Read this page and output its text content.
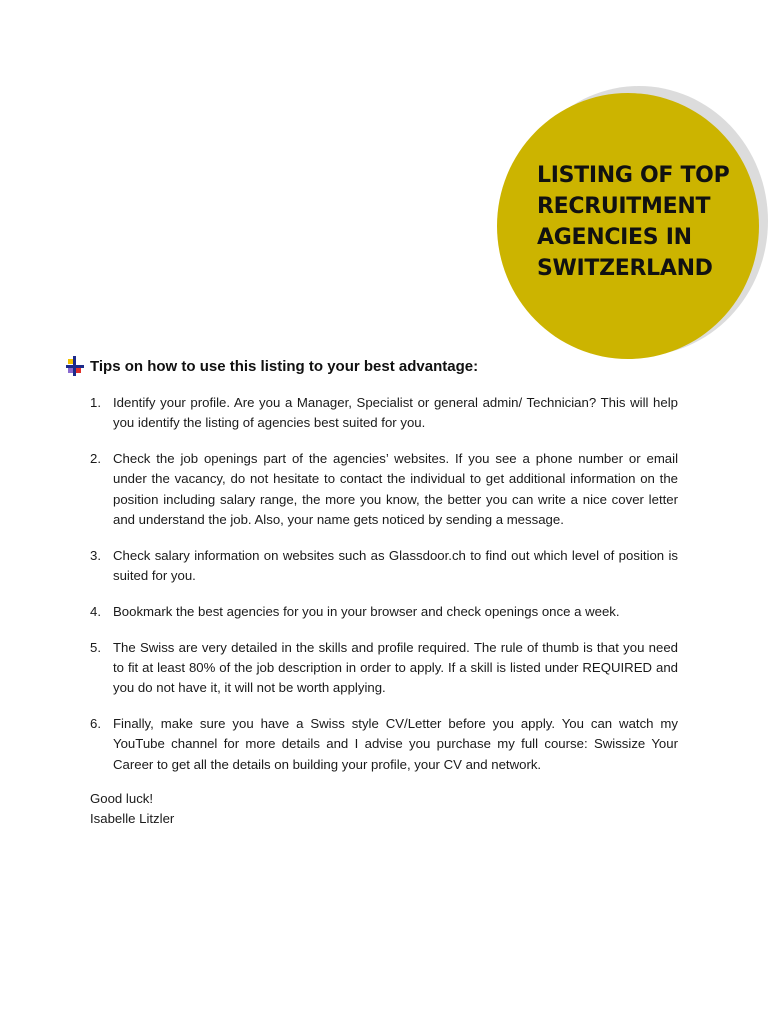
LISTING OF TOP
RECRUITMENT
AGENCIES IN
SWITZERLAND
Tips on how to use this listing to your best advantage:
1. Identify your profile. Are you a Manager, Specialist or general admin/ Technician? This will help you identify the listing of agencies best suited for you.
2. Check the job openings part of the agencies’ websites. If you see a phone number or email under the vacancy, do not hesitate to contact the individual to get additional information on the position including salary range, the more you know, the better you can write a nice cover letter and understand the job. Also, your name gets noticed by sending a message.
3. Check salary information on websites such as Glassdoor.ch to find out which level of position is suited for you.
4. Bookmark the best agencies for you in your browser and check openings once a week.
5. The Swiss are very detailed in the skills and profile required. The rule of thumb is that you need to fit at least 80% of the job description in order to apply. If a skill is listed under REQUIRED and you do not have it, it will not be worth applying.
6. Finally, make sure you have a Swiss style CV/Letter before you apply. You can watch my YouTube channel for more details and I advise you purchase my full course: Swissize Your Career to get all the details on building your profile, your CV and network.
Good luck!
Isabelle Litzler
